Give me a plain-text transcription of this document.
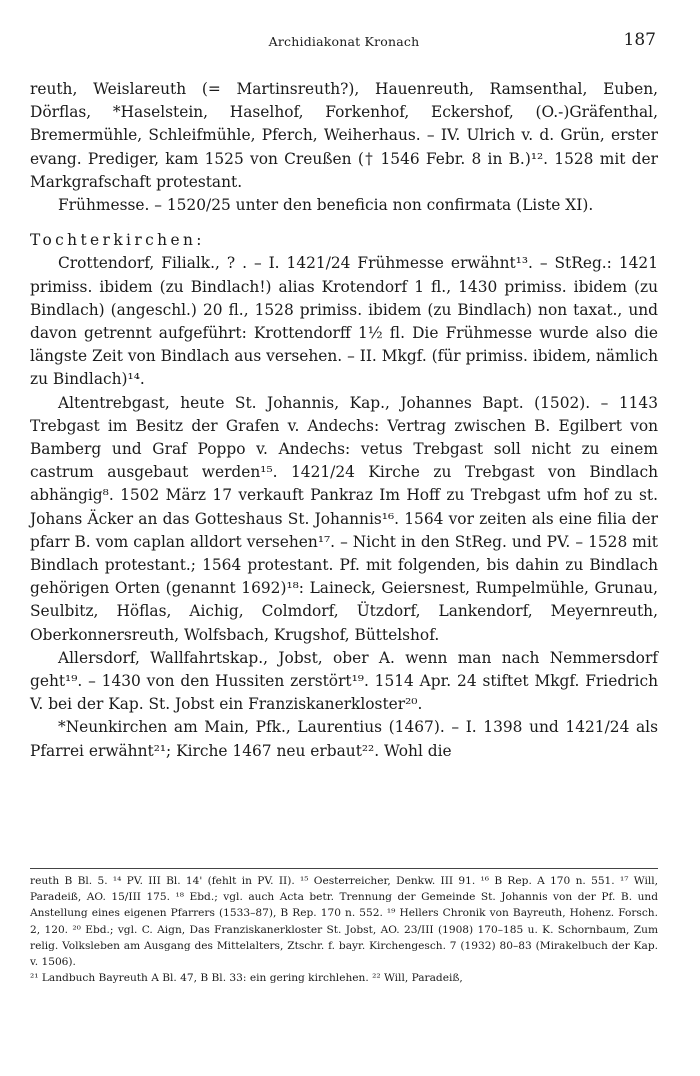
Archidiakonat Kronach	187

reuth, Weislareuth (= Martinsreuth?), Hauenreuth, Ramsenthal, Euben, Dörflas, *Haselstein, Haselhof, Forkenhof, Eckershof, (O.-)Gräfenthal, Bremermühle, Schleifmühle, Pferch, Weiherhaus. – IV. Ulrich v. d. Grün, erster evang. Prediger, kam 1525 von Creußen († 1546 Febr. 8 in B.)¹². 1528 mit der Markgrafschaft protestant.

Frühmesse. – 1520/25 unter den beneficia non confirmata (Liste XI).

Tochterkirchen:

Crottendorf, Filialk., ? . – I. 1421/24 Frühmesse erwähnt¹³. – StReg.: 1421 primiss. ibidem (zu Bindlach!) alias Krotendorf 1 fl., 1430 primiss. ibidem (zu Bindlach) (angeschl.) 20 fl., 1528 primiss. ibidem (zu Bindlach) non taxat., und davon getrennt aufgeführt: Krottendorff 1½ fl. Die Frühmesse wurde also die längste Zeit von Bindlach aus versehen. – II. Mkgf. (für primiss. ibidem, nämlich zu Bindlach)¹⁴.

Altentrebgast, heute St. Johannis, Kap., Johannes Bapt. (1502). – 1143 Trebgast im Besitz der Grafen v. Andechs: Vertrag zwischen B. Egilbert von Bamberg und Graf Poppo v. Andechs: vetus Trebgast soll nicht zu einem castrum ausgebaut werden¹⁵. 1421/24 Kirche zu Trebgast von Bindlach abhängig⁸. 1502 März 17 verkauft Pankraz Im Hoff zu Trebgast ufm hof zu st. Johans Äcker an das Gotteshaus St. Johannis¹⁶. 1564 vor zeiten als eine filia der pfarr B. vom caplan alldort versehen¹⁷. – Nicht in den StReg. und PV. – 1528 mit Bindlach protestant.; 1564 protestant. Pf. mit folgenden, bis dahin zu Bindlach gehörigen Orten (genannt 1692)¹⁸: Laineck, Geiersnest, Rumpelmühle, Grunau, Seulbitz, Höflas, Aichig, Colmdorf, Ützdorf, Lankendorf, Meyernreuth, Oberkonnersreuth, Wolfsbach, Krugshof, Büttelshof.

Allersdorf, Wallfahrtskap., Jobst, ober A. wenn man nach Nemmersdorf geht¹⁹. – 1430 von den Hussiten zerstört¹⁹. 1514 Apr. 24 stiftet Mkgf. Friedrich V. bei der Kap. St. Jobst ein Franziskanerkloster²⁰.

*Neunkirchen am Main, Pfk., Laurentius (1467). – I. 1398 und 1421/24 als Pfarrei erwähnt²¹; Kirche 1467 neu erbaut²². Wohl die

reuth B Bl. 5. ¹⁴ PV. III Bl. 14' (fehlt in PV. II). ¹⁵ Oesterreicher, Denkw. III 91. ¹⁶ B Rep. A 170 n. 551. ¹⁷ Will, Paradeiß, AO. 15/III 175. ¹⁸ Ebd.; vgl. auch Acta betr. Trennung der Gemeinde St. Johannis von der Pf. B. und Anstellung eines eigenen Pfarrers (1533–87), B Rep. 170 n. 552. ¹⁹ Hellers Chronik von Bayreuth, Hohenz. Forsch. 2, 120. ²⁰ Ebd.; vgl. C. Aign, Das Franziskanerkloster St. Jobst, AO. 23/III (1908) 170–185 u. K. Schornbaum, Zum relig. Volksleben am Ausgang des Mittelalters, Ztschr. f. bayr. Kirchengesch. 7 (1932) 80–83 (Mirakelbuch der Kap. v. 1506).

²¹ Landbuch Bayreuth A Bl. 47, B Bl. 33: ein gering kirchlehen. ²² Will, Paradeiß,
